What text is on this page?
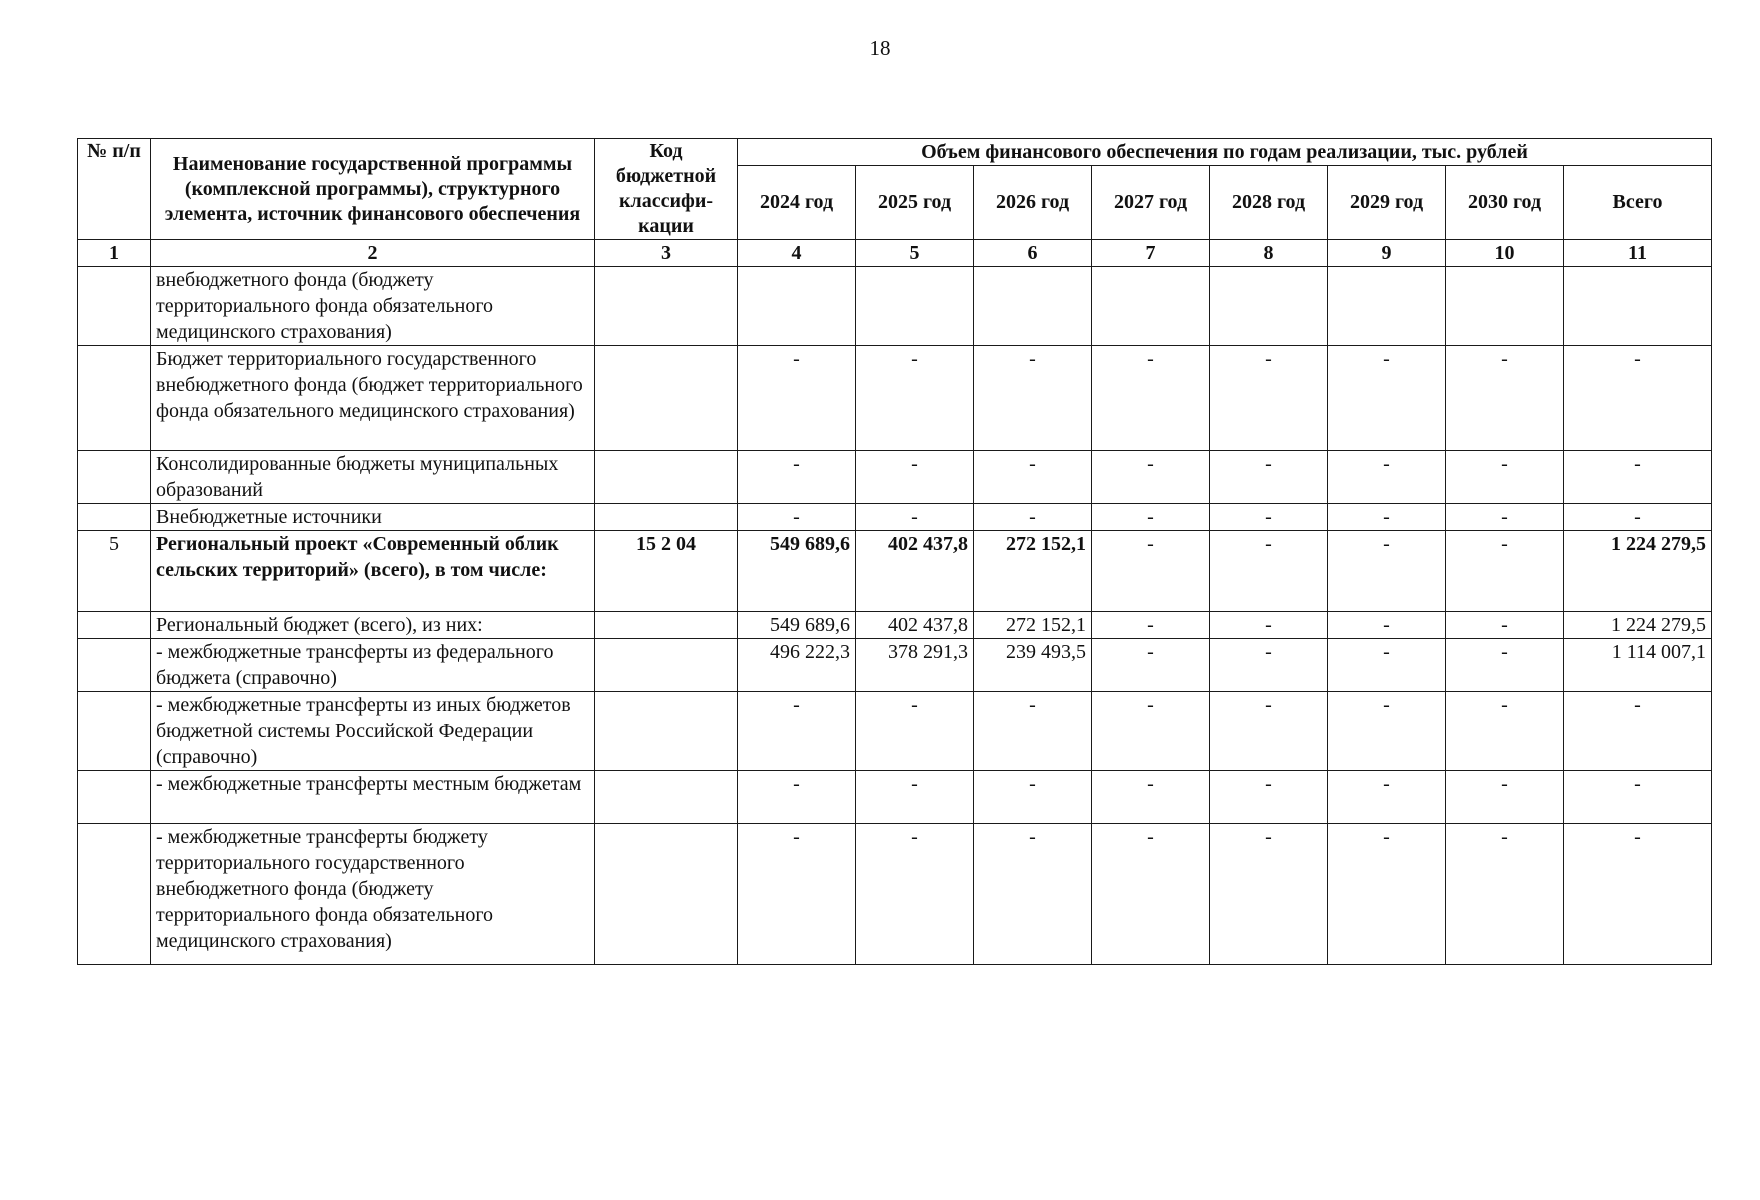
18
№ п/п	Наименование государственной программы (комплексной программы), структурного элемента, источник финансового обеспечения	Код бюджетной классифи-кации	Объем финансового обеспечения по годам реализации, тыс. рублей							
			2024 год	2025 год	2026 год	2027 год	2028 год	2029 год	2030 год	Всего
1	2	3	4	5	6	7	8	9	10	11
	внебюджетного фонда (бюджету территориального фонда обязательного медицинского страхования)									
	Бюджет территориального государственного внебюджетного фонда (бюджет территориального фонда обязательного медицинского страхования)		-	-	-	-	-	-	-	-
	Консолидированные бюджеты муниципальных образований		-	-	-	-	-	-	-	-
	Внебюджетные источники		-	-	-	-	-	-	-	-
5	Региональный проект «Современный облик сельских территорий» (всего), в том числе:	15 2 04	549 689,6	402 437,8	272 152,1	-	-	-	-	1 224 279,5
	Региональный бюджет (всего), из них:		549 689,6	402 437,8	272 152,1	-	-	-	-	1 224 279,5
	- межбюджетные трансферты из федерального бюджета (справочно)		496 222,3	378 291,3	239 493,5	-	-	-	-	1 114 007,1
	- межбюджетные трансферты из иных бюджетов бюджетной системы Российской Федерации (справочно)		-	-	-	-	-	-	-	-
	- межбюджетные трансферты местным бюджетам		-	-	-	-	-	-	-	-
	- межбюджетные трансферты бюджету территориального государственного внебюджетного фонда (бюджету территориального фонда обязательного медицинского страхования)		-	-	-	-	-	-	-	-
